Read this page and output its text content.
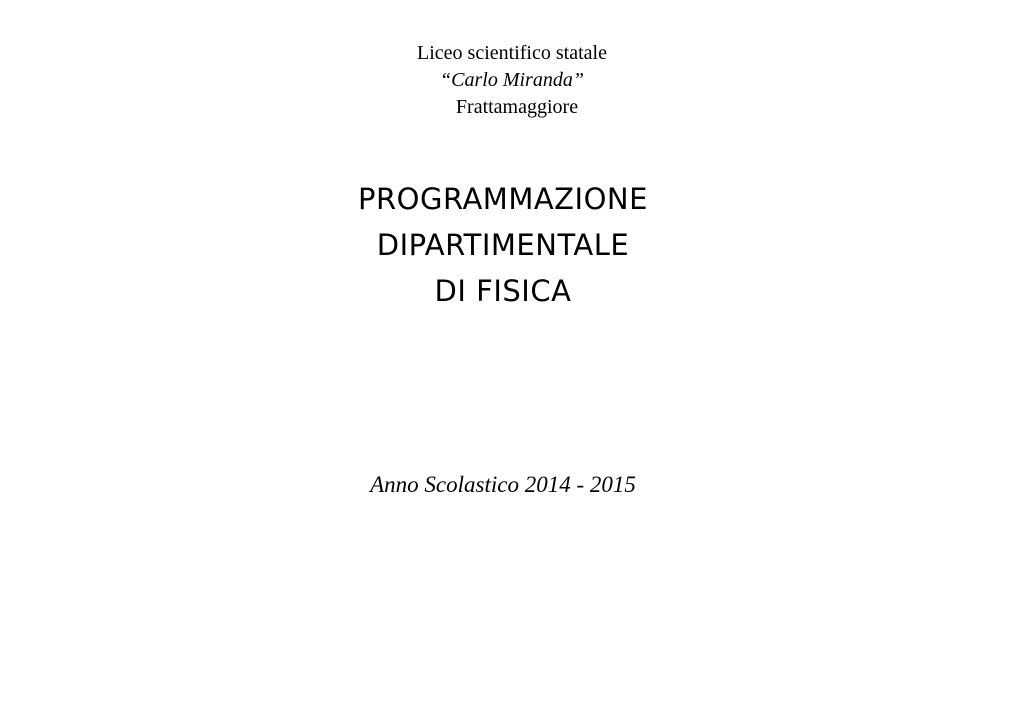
Liceo scientifico statale
“Carlo Miranda”
Frattamaggiore
PROGRAMMAZIONE
DIPARTIMENTALE
DI FISICA
Anno Scolastico 2014 - 2015
